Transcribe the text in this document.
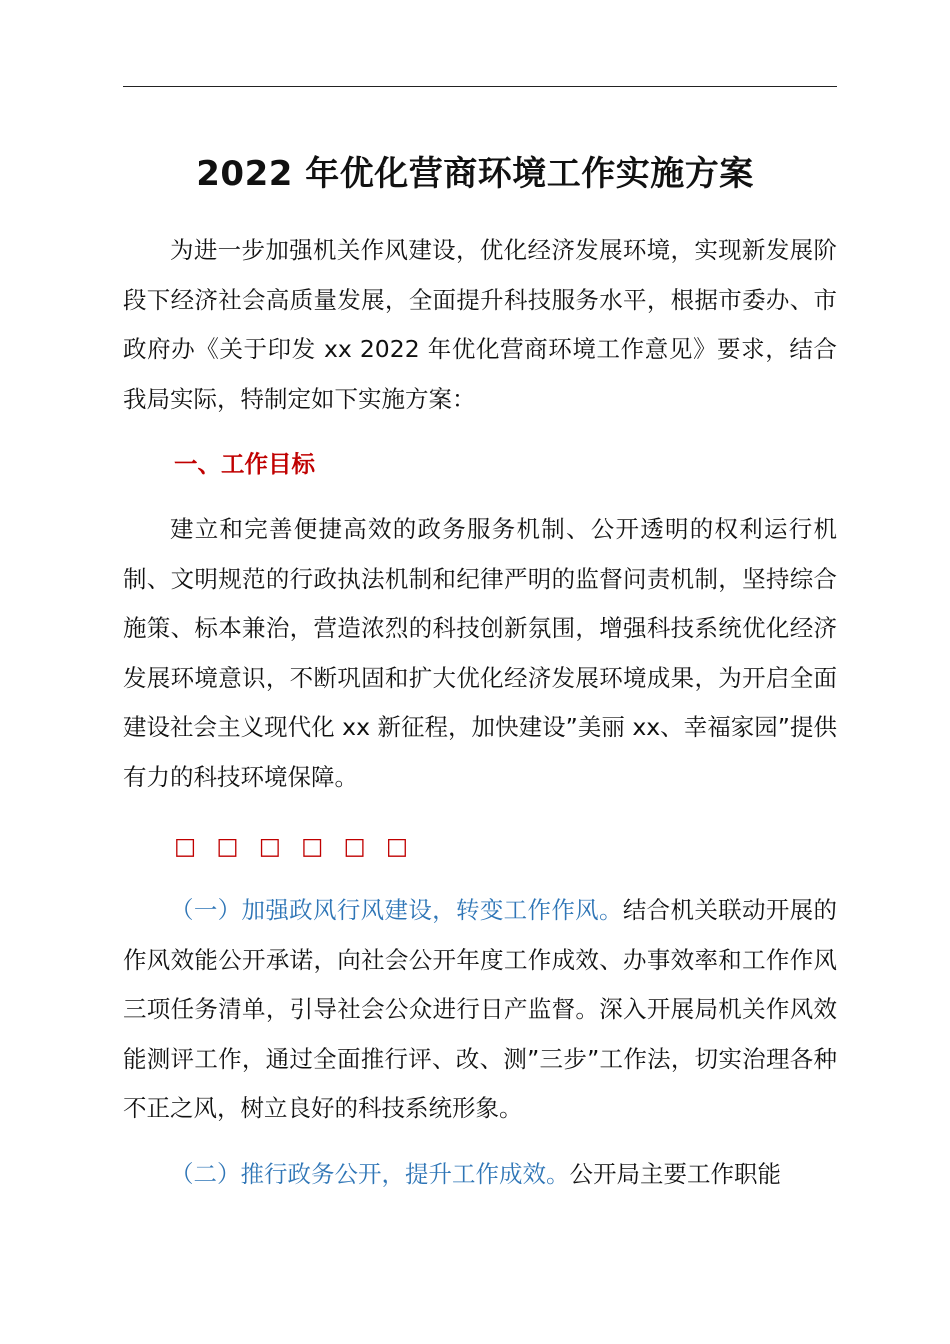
2022 年优化营商环境工作实施方案

为进一步加强机关作风建设，优化经济发展环境，实现新发展阶段下经济社会高质量发展，全面提升科技服务水平，根据市委办、市政府办《关于印发 xx 2022 年优化营商环境工作意见》要求，结合我局实际，特制定如下实施方案：

一、工作目标

建立和完善便捷高效的政务服务机制、公开透明的权利运行机制、文明规范的行政执法机制和纪律严明的监督问责机制，坚持综合施策、标本兼治，营造浓烈的科技创新氛围，增强科技系统优化经济发展环境意识，不断巩固和扩大优化经济发展环境成果，为开启全面建设社会主义现代化 xx 新征程，加快建设”美丽 xx、幸福家园”提供有力的科技环境保障。

□ □ □ □ □ □

（一）加强政风行风建设，转变工作作风。结合机关联动开展的作风效能公开承诺，向社会公开年度工作成效、办事效率和工作作风三项任务清单，引导社会公众进行日产监督。深入开展局机关作风效能测评工作，通过全面推行评、改、测”三步”工作法，切实治理各种不正之风，树立良好的科技系统形象。

（二）推行政务公开，提升工作成效。公开局主要工作职能
